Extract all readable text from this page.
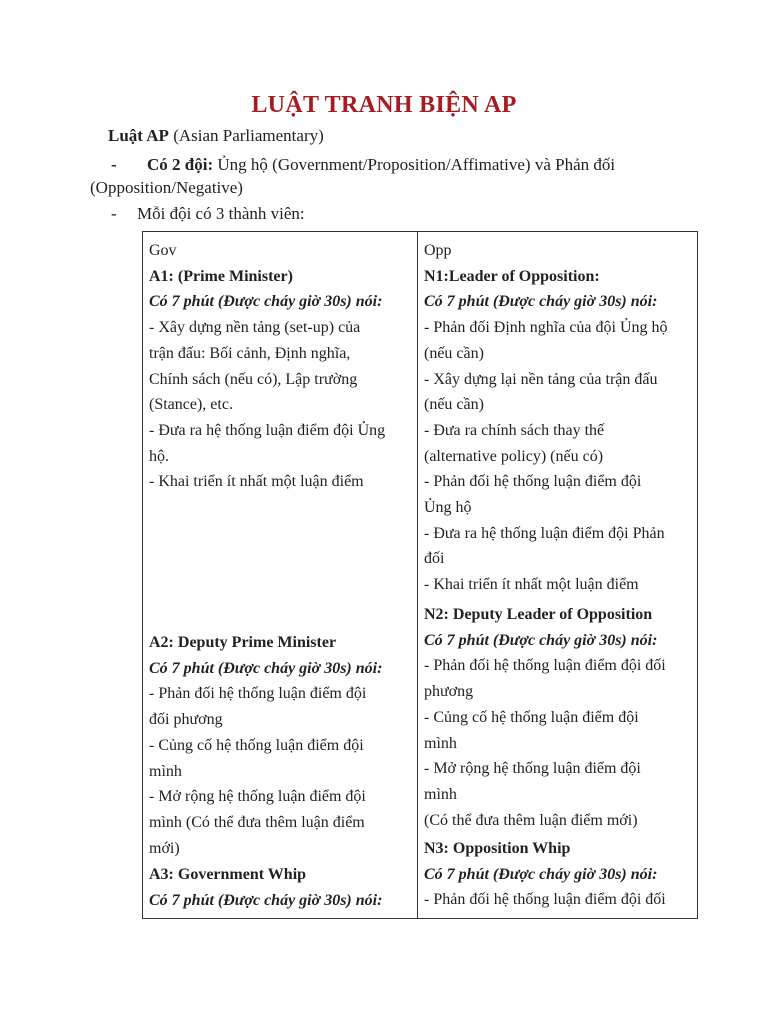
LUẬT TRANH BIỆN AP
Luật AP (Asian Parliamentary)
- Có 2 đội: Ủng hộ (Government/Proposition/Affimative) và Phản đối
(Opposition/Negative)
- Mỗi đội có 3 thành viên:
Gov
A1: (Prime Minister)
Có 7 phút (Được cháy giờ 30s) nói:
- Xây dựng nền tảng (set-up) của
trận đấu: Bối cảnh, Định nghĩa,
Chính sách (nếu có), Lập trường
(Stance), etc.
- Đưa ra hệ thống luận điểm đội Ủng
hộ.
- Khai triển ít nhất một luận điểm
A2: Deputy Prime Minister
Có 7 phút (Được cháy giờ 30s) nói:
- Phản đối hệ thống luận điểm đội
đối phương
- Củng cố hệ thống luận điểm đội
mình
- Mở rộng hệ thống luận điểm đội
mình (Có thể đưa thêm luận điểm
mới)
A3: Government Whip
Có 7 phút (Được cháy giờ 30s) nói:
Opp
N1:Leader of Opposition:
Có 7 phút (Được cháy giờ 30s) nói:
- Phản đối Định nghĩa của đội Ủng hộ
(nếu cần)
- Xây dựng lại nền tảng của trận đấu
(nếu cần)
- Đưa ra chính sách thay thế
(alternative policy) (nếu có)
- Phản đối hệ thống luận điểm đội
Ủng hộ
- Đưa ra hệ thống luận điểm đội Phản
đối
- Khai triển ít nhất một luận điểm
N2: Deputy Leader of Opposition
Có 7 phút (Được cháy giờ 30s) nói:
- Phản đối hệ thống luận điểm đội đối
phương
- Củng cố hệ thống luận điểm đội
mình
- Mở rộng hệ thống luận điểm đội
mình
(Có thể đưa thêm luận điểm mới)
N3: Opposition Whip
Có 7 phút (Được cháy giờ 30s) nói:
- Phản đối hệ thống luận điểm đội đối
